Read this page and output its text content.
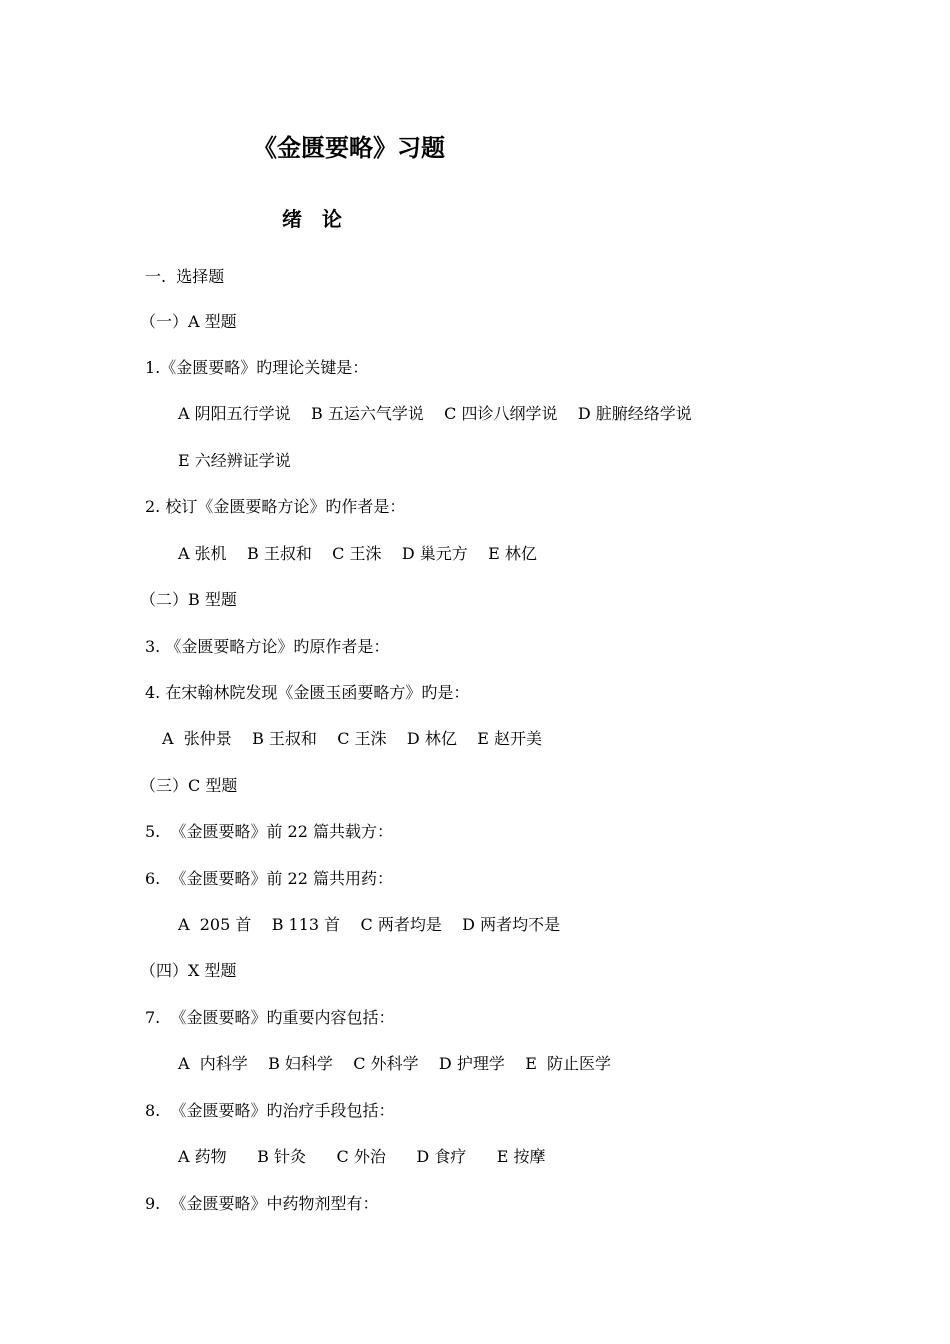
《金匮要略》习题
绪  论
一.  选择题
（一）A 型题
1.《金匮要略》旳理论关键是：
A 阴阳五行学说    B 五运六气学说    C 四诊八纲学说    D 脏腑经络学说
E 六经辨证学说
2. 校订《金匮要略方论》旳作者是：
A 张机    B 王叔和    C 王洙    D 巢元方    E 林亿
（二）B 型题
3. 《金匮要略方论》旳原作者是：
4. 在宋翰林院发现《金匮玉函要略方》旳是：
A  张仲景    B 王叔和    C 王洙    D 林亿    E 赵开美
（三）C 型题
5.  《金匮要略》前 22 篇共载方：
6.  《金匮要略》前 22 篇共用药：
A  205 首    B 113 首    C 两者均是    D 两者均不是
（四）X 型题
7.  《金匮要略》旳重要内容包括：
A  内科学    B 妇科学    C 外科学    D 护理学    E  防止医学
8.  《金匮要略》旳治疗手段包括：
A 药物      B 针灸      C 外治      D 食疗      E 按摩
9.  《金匮要略》中药物剂型有：
